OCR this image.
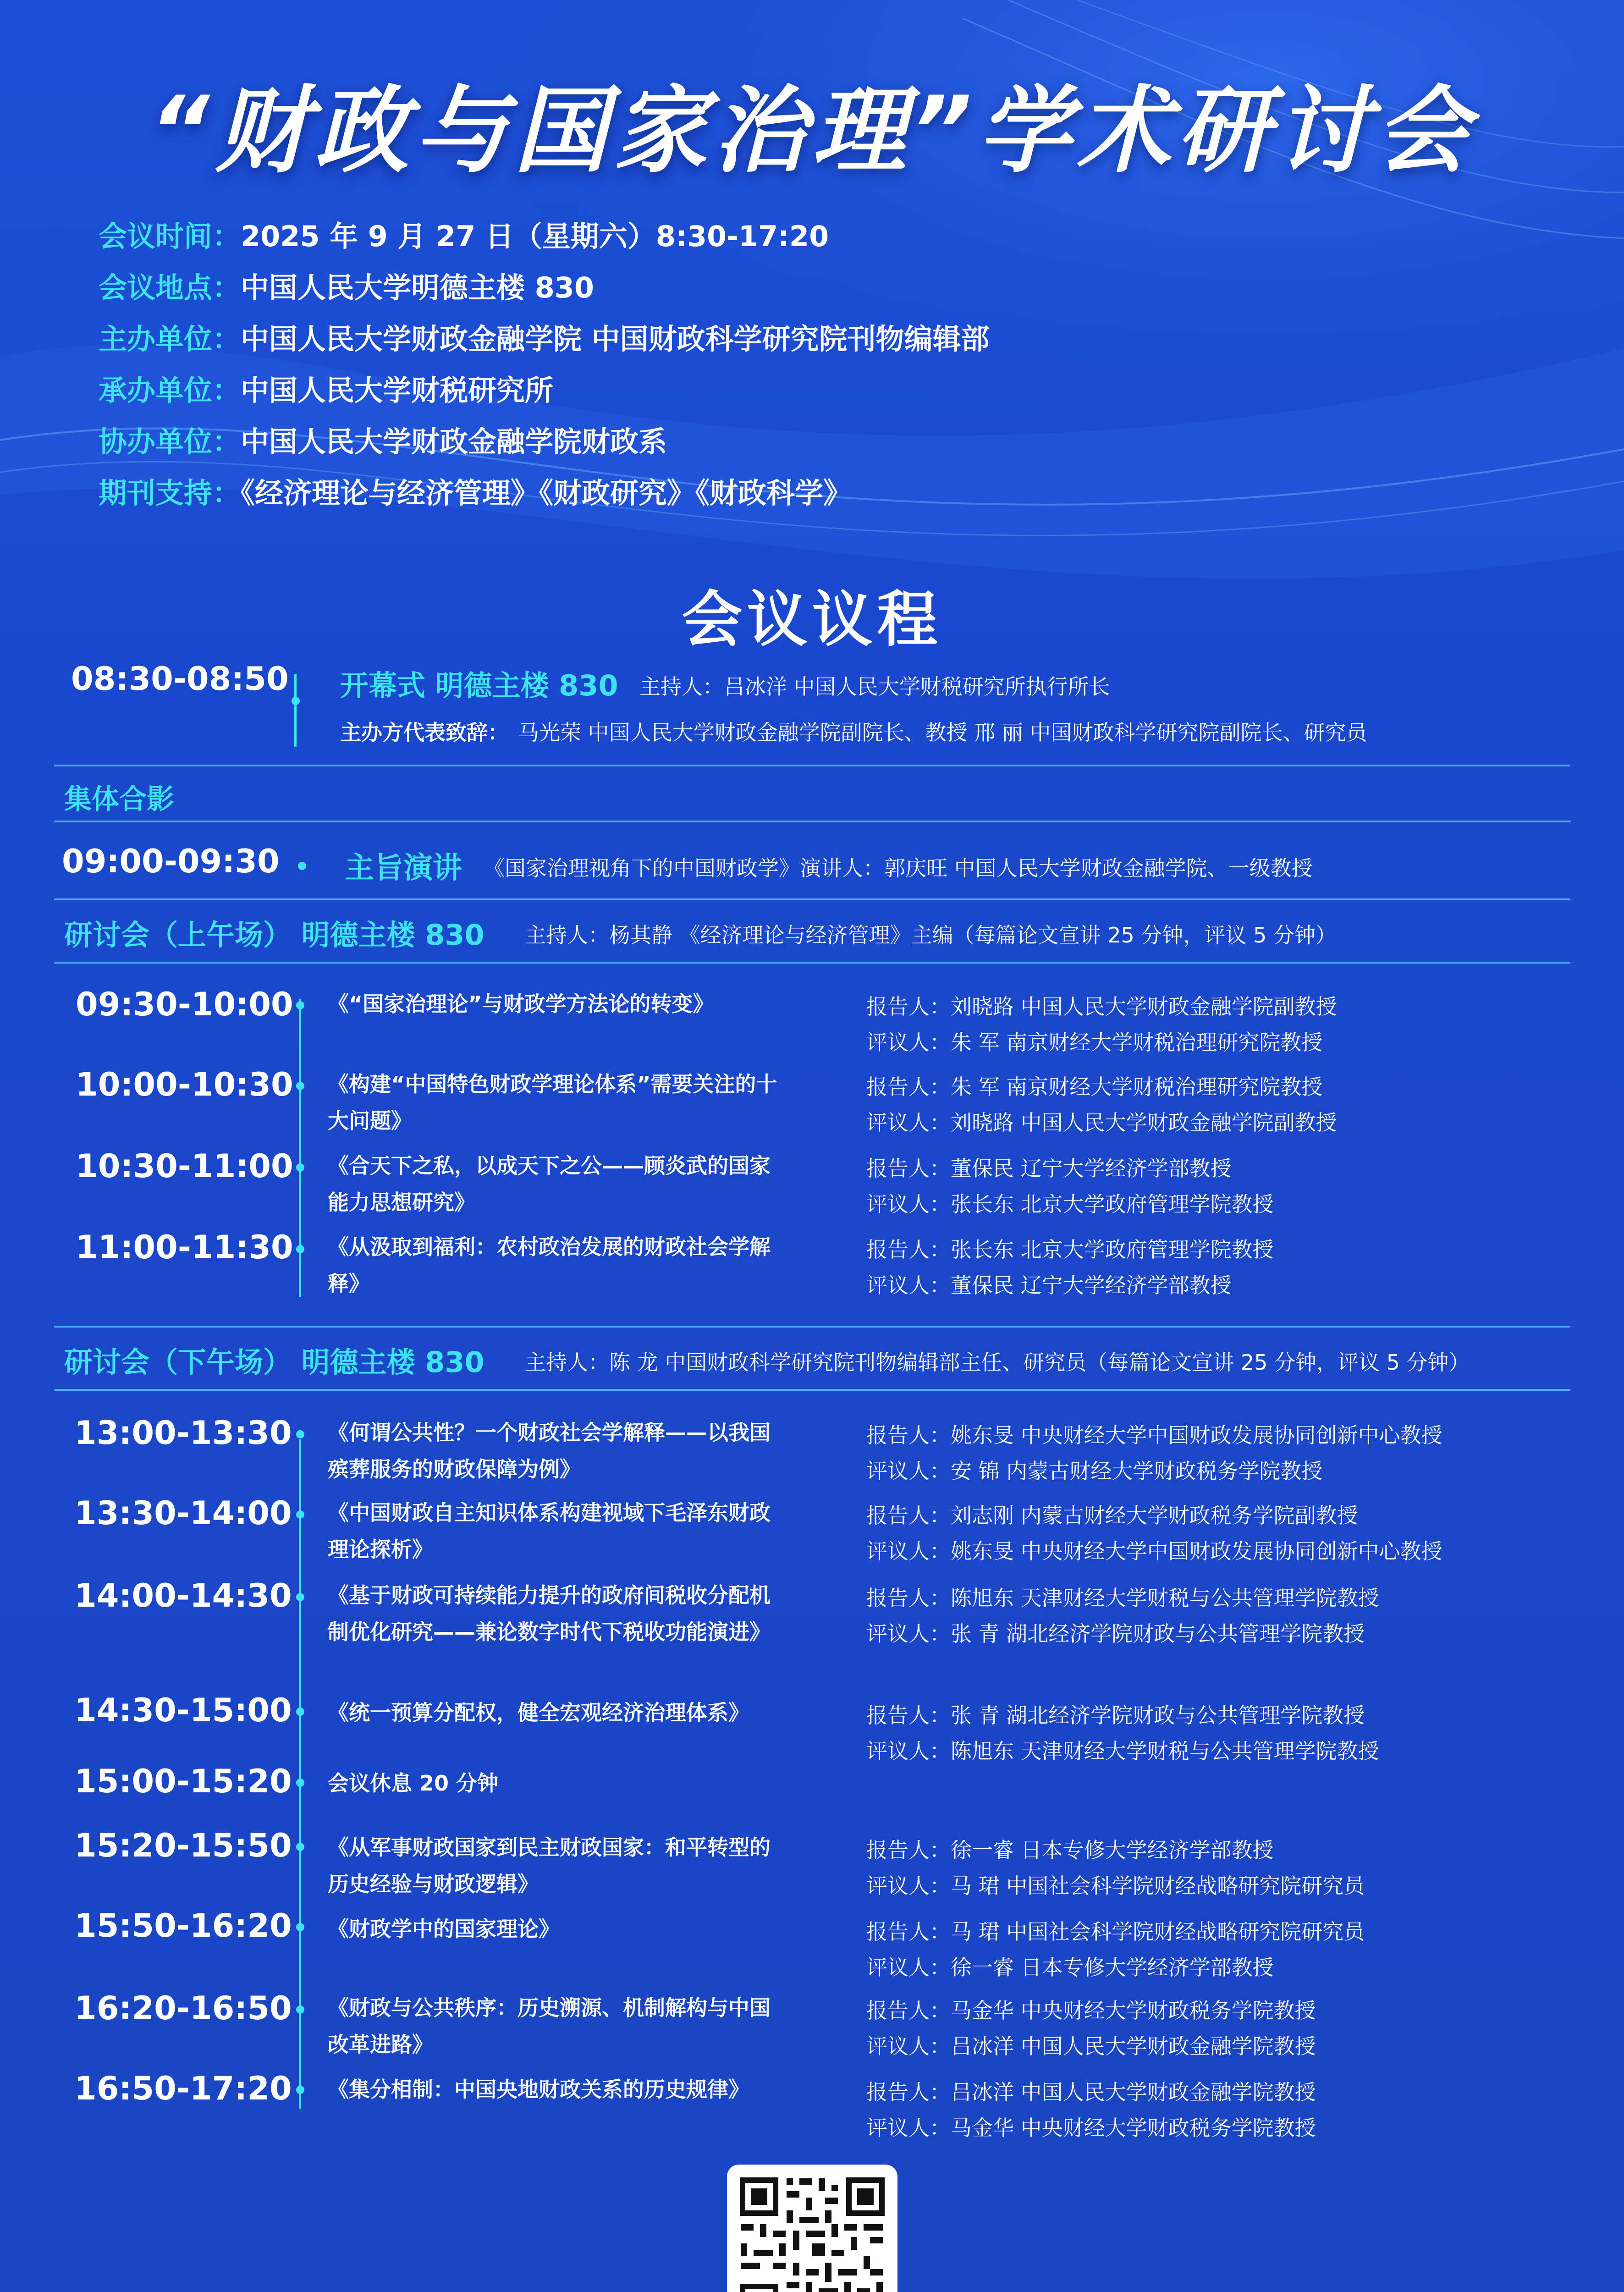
“财政与国家治理”学术研讨会
会议时间：2025 年 9 月 27 日（星期六）8:30-17:20
会议地点：中国人民大学明德主楼 830
主办单位：中国人民大学财政金融学院 中国财政科学研究院刊物编辑部
承办单位：中国人民大学财税研究所
协办单位：中国人民大学财政金融学院财政系
期刊支持：《经济理论与经济管理》《财政研究》《财政科学》
会议议程
08:30-08:50 开幕式 明德主楼 830 主持人：吕冰洋 中国人民大学财税研究所执行所长
主办方代表致辞： 马光荣 中国人民大学财政金融学院副院长、教授 邢 丽 中国财政科学研究院副院长、研究员
集体合影
09:00-09:30 主旨演讲 《国家治理视角下的中国财政学》演讲人：郭庆旺 中国人民大学财政金融学院、一级教授
研讨会（上午场） 明德主楼 830 主持人：杨其静 《经济理论与经济管理》主编（每篇论文宣讲 25 分钟，评议 5 分钟）
09:30-10:00 《“国家治理论”与财政学方法论的转变》	报告人：刘晓路 中国人民大学财政金融学院副教授
评议人：朱 军 南京财经大学财税治理研究院教授
10:00-10:30 《构建“中国特色财政学理论体系”需要关注的十大问题》
报告人：朱 军 南京财经大学财税治理研究院教授
评议人：刘晓路 中国人民大学财政金融学院副教授
10:30-11:00 《合天下之私，以成天下之公——顾炎武的国家能力思想研究》
报告人：董保民 辽宁大学经济学部教授
评议人：张长东 北京大学政府管理学院教授
11:00-11:30 《从汲取到福利：农村政治发展的财政社会学解释》
报告人：张长东 北京大学政府管理学院教授
评议人：董保民 辽宁大学经济学部教授
研讨会（下午场） 明德主楼 830 主持人：陈 龙 中国财政科学研究院刊物编辑部主任、研究员（每篇论文宣讲 25 分钟，评议 5 分钟）
13:00-13:30 《何谓公共性？一个财政社会学解释——以我国殡葬服务的财政保障为例》
报告人：姚东旻 中央财经大学中国财政发展协同创新中心教授
评议人：安 锦 内蒙古财经大学财政税务学院教授
13:30-14:00 《中国财政自主知识体系构建视域下毛泽东财政理论探析》
报告人：刘志刚 内蒙古财经大学财政税务学院副教授
评议人：姚东旻 中央财经大学中国财政发展协同创新中心教授
14:00-14:30 《基于财政可持续能力提升的政府间税收分配机制优化研究——兼论数字时代下税收功能演进》
报告人：陈旭东 天津财经大学财税与公共管理学院教授
评议人：张 青 湖北经济学院财政与公共管理学院教授
14:30-15:00 《统一预算分配权，健全宏观经济治理体系》	报告人：张 青 湖北经济学院财政与公共管理学院教授
评议人：陈旭东 天津财经大学财税与公共管理学院教授
15:00-15:20 会议休息 20 分钟
15:20-15:50 《从军事财政国家到民主财政国家：和平转型的历史经验与财政逻辑》
报告人：徐一睿 日本专修大学经济学部教授
评议人：马 珺 中国社会科学院财经战略研究院研究员
15:50-16:20 《财政学中的国家理论》	报告人：马 珺 中国社会科学院财经战略研究院研究员
评议人：徐一睿 日本专修大学经济学部教授
16:20-16:50 《财政与公共秩序：历史溯源、机制解构与中国改革进路》
报告人：马金华 中央财经大学财政税务学院教授
评议人：吕冰洋 中国人民大学财政金融学院教授
16:50-17:20 《集分相制：中国央地财政关系的历史规律》	报告人：吕冰洋 中国人民大学财政金融学院教授
评议人：马金华 中央财经大学财政税务学院教授
